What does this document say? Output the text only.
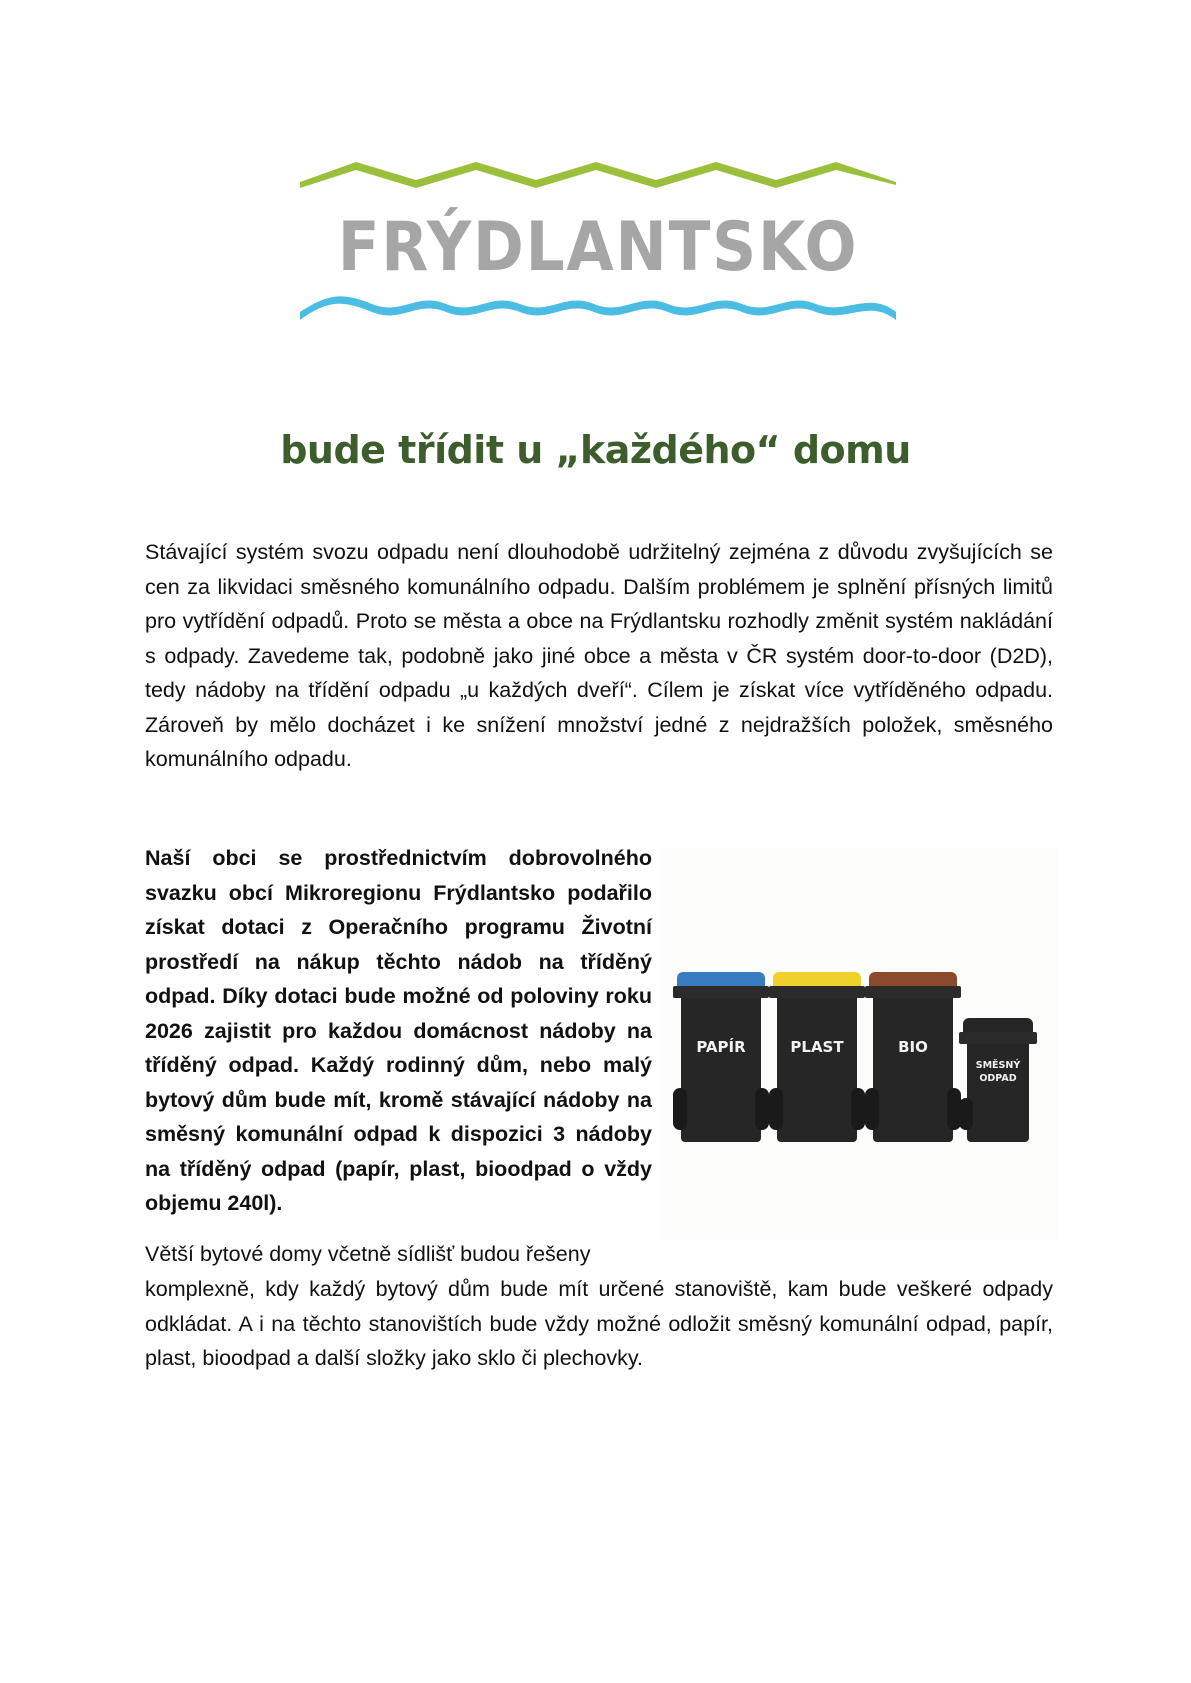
FRÝDLANTSKO
bude třídit u „každého“ domu
Stávající systém svozu odpadu není dlouhodobě udržitelný zejména z důvodu zvyšujících se cen za likvidaci směsného komunálního odpadu. Dalším problémem je splnění přísných limitů pro vytřídění odpadů. Proto se města a obce na Frýdlantsku rozhodly změnit systém nakládání s odpady. Zavedeme tak, podobně jako jiné obce a města v ČR systém door-to-door (D2D), tedy nádoby na třídění odpadu „u každých dveří“. Cílem je získat více vytříděného odpadu. Zároveň by mělo docházet i ke snížení množství jedné z nejdražších položek, směsného komunálního odpadu.
Naší obci se prostřednictvím dobrovolného svazku obcí Mikroregionu Frýdlantsko podařilo získat dotaci z Operačního programu Životní prostředí na nákup těchto nádob na tříděný odpad. Díky dotaci bude možné od poloviny roku 2026 zajistit pro každou domácnost nádoby na tříděný odpad. Každý rodinný dům, nebo malý bytový dům bude mít, kromě stávající nádoby na směsný komunální odpad k dispozici 3 nádoby na tříděný odpad (papír, plast, bioodpad o vždy objemu 240l).
PAPÍR	PLAST	BIO
SMĚSNÝ
ODPAD
Větší bytové domy včetně sídlišť budou řešeny
komplexně, kdy každý bytový dům bude mít určené stanoviště, kam bude veškeré odpady odkládat. A i na těchto stanovištích bude vždy možné odložit směsný komunální odpad, papír, plast, bioodpad a další složky jako sklo či plechovky.
